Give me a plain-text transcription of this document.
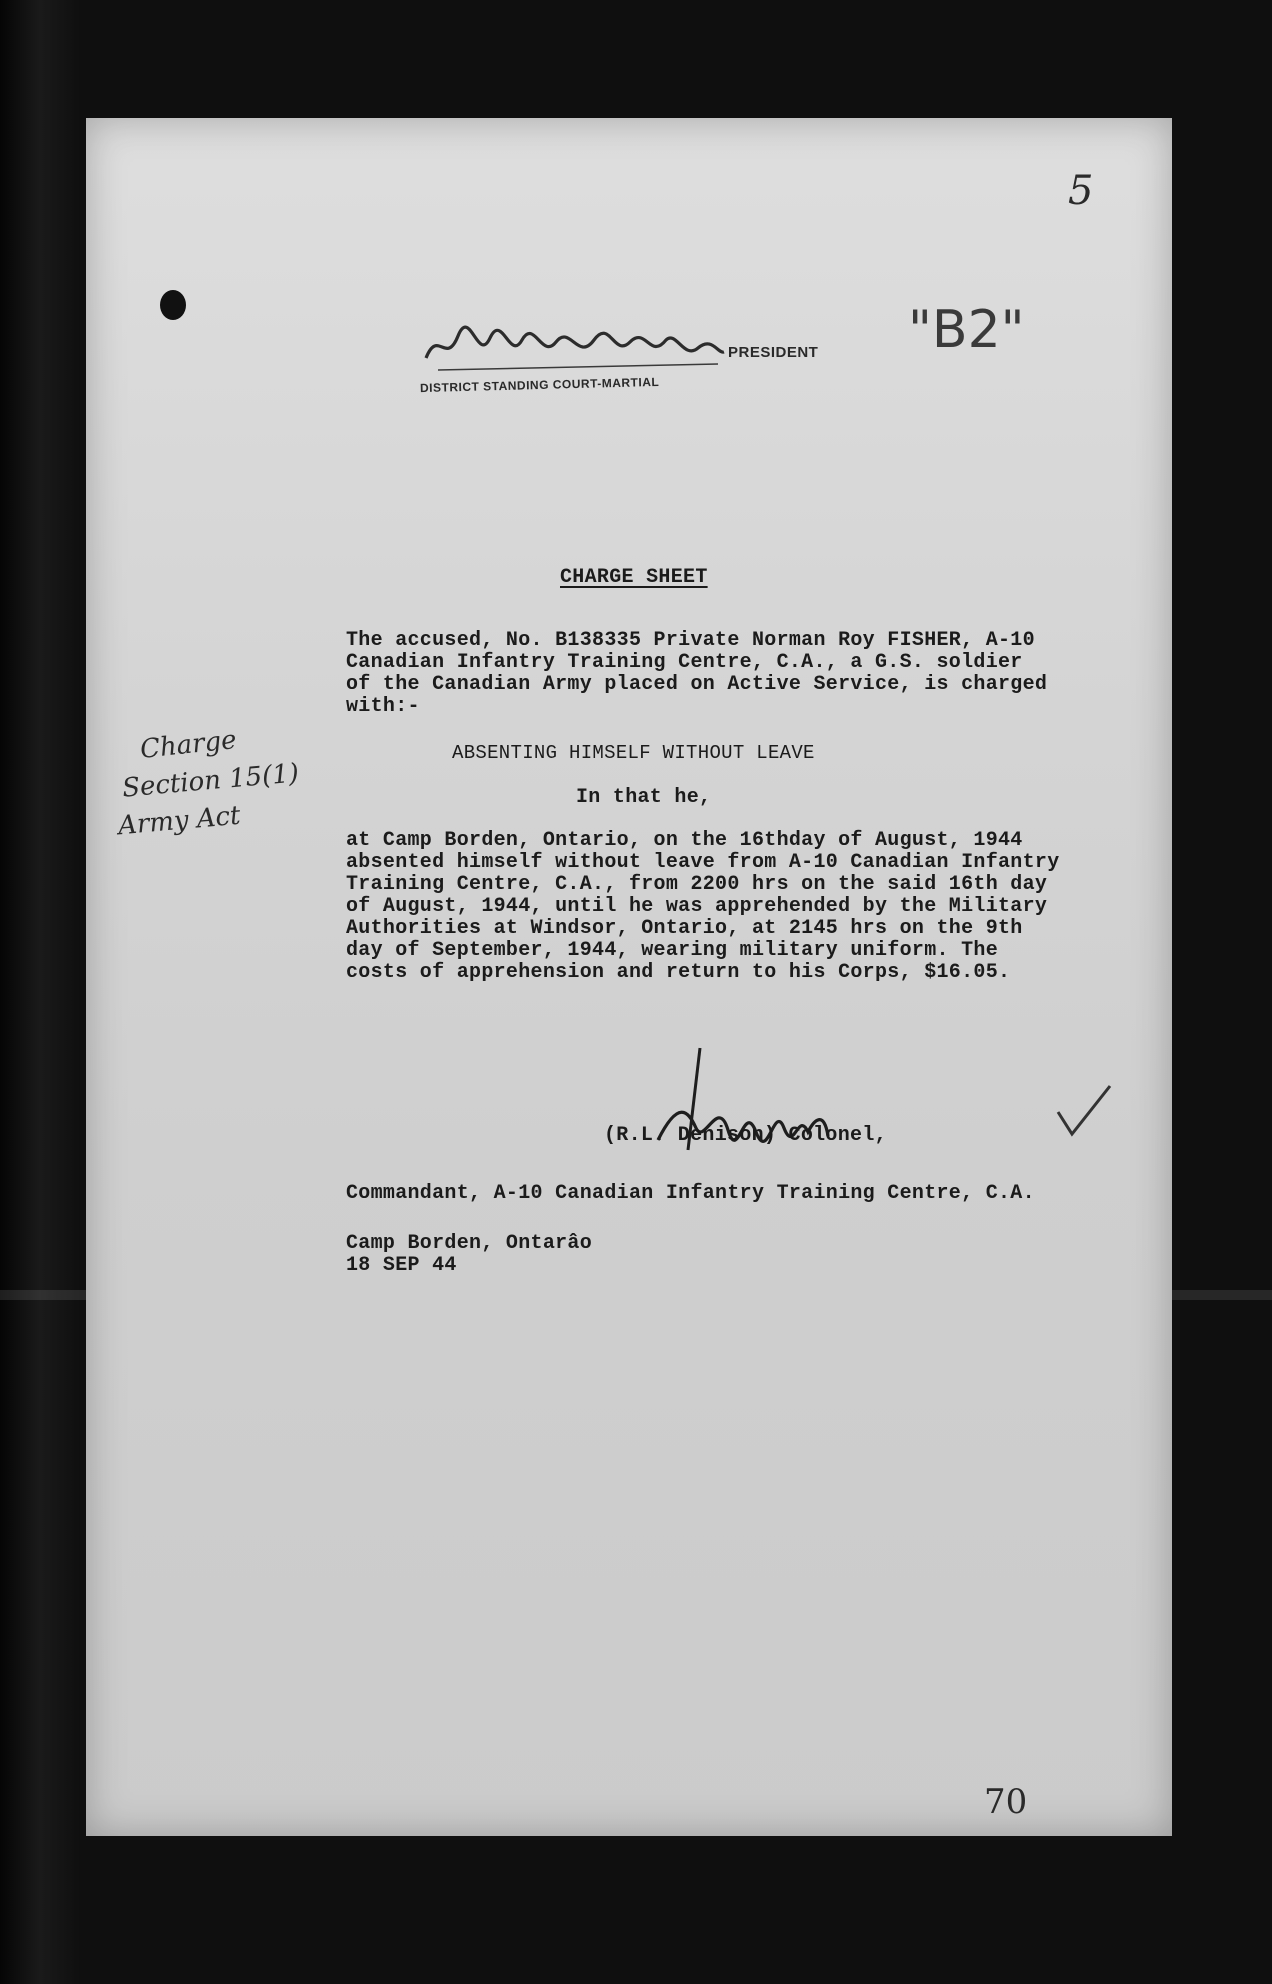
5
PRESIDENT
DISTRICT STANDING COURT-MARTIAL
"B2"
CHARGE SHEET
The accused, No. B138335 Private Norman Roy FISHER, A-10
Canadian Infantry Training Centre, C.A., a G.S. soldier
of the Canadian Army placed on Active Service, is charged
with:-
Charge
Section 15(1)
Army Act
ABSENTING HIMSELF WITHOUT LEAVE
In that he,
at Camp Borden, Ontario, on the 16thday of August, 1944
absented himself without leave from A-10 Canadian Infantry
Training Centre, C.A., from 2200 hrs on the said 16th day
of August, 1944, until he was apprehended by the Military
Authorities at Windsor, Ontario, at 2145 hrs on the 9th
day of September, 1944, wearing military uniform. The
costs of apprehension and return to his Corps, $16.05.
(R.L. Denison) Colonel,
Commandant, A-10 Canadian Infantry Training Centre, C.A.
Camp Borden, Ontarâo
18 SEP 44
70
